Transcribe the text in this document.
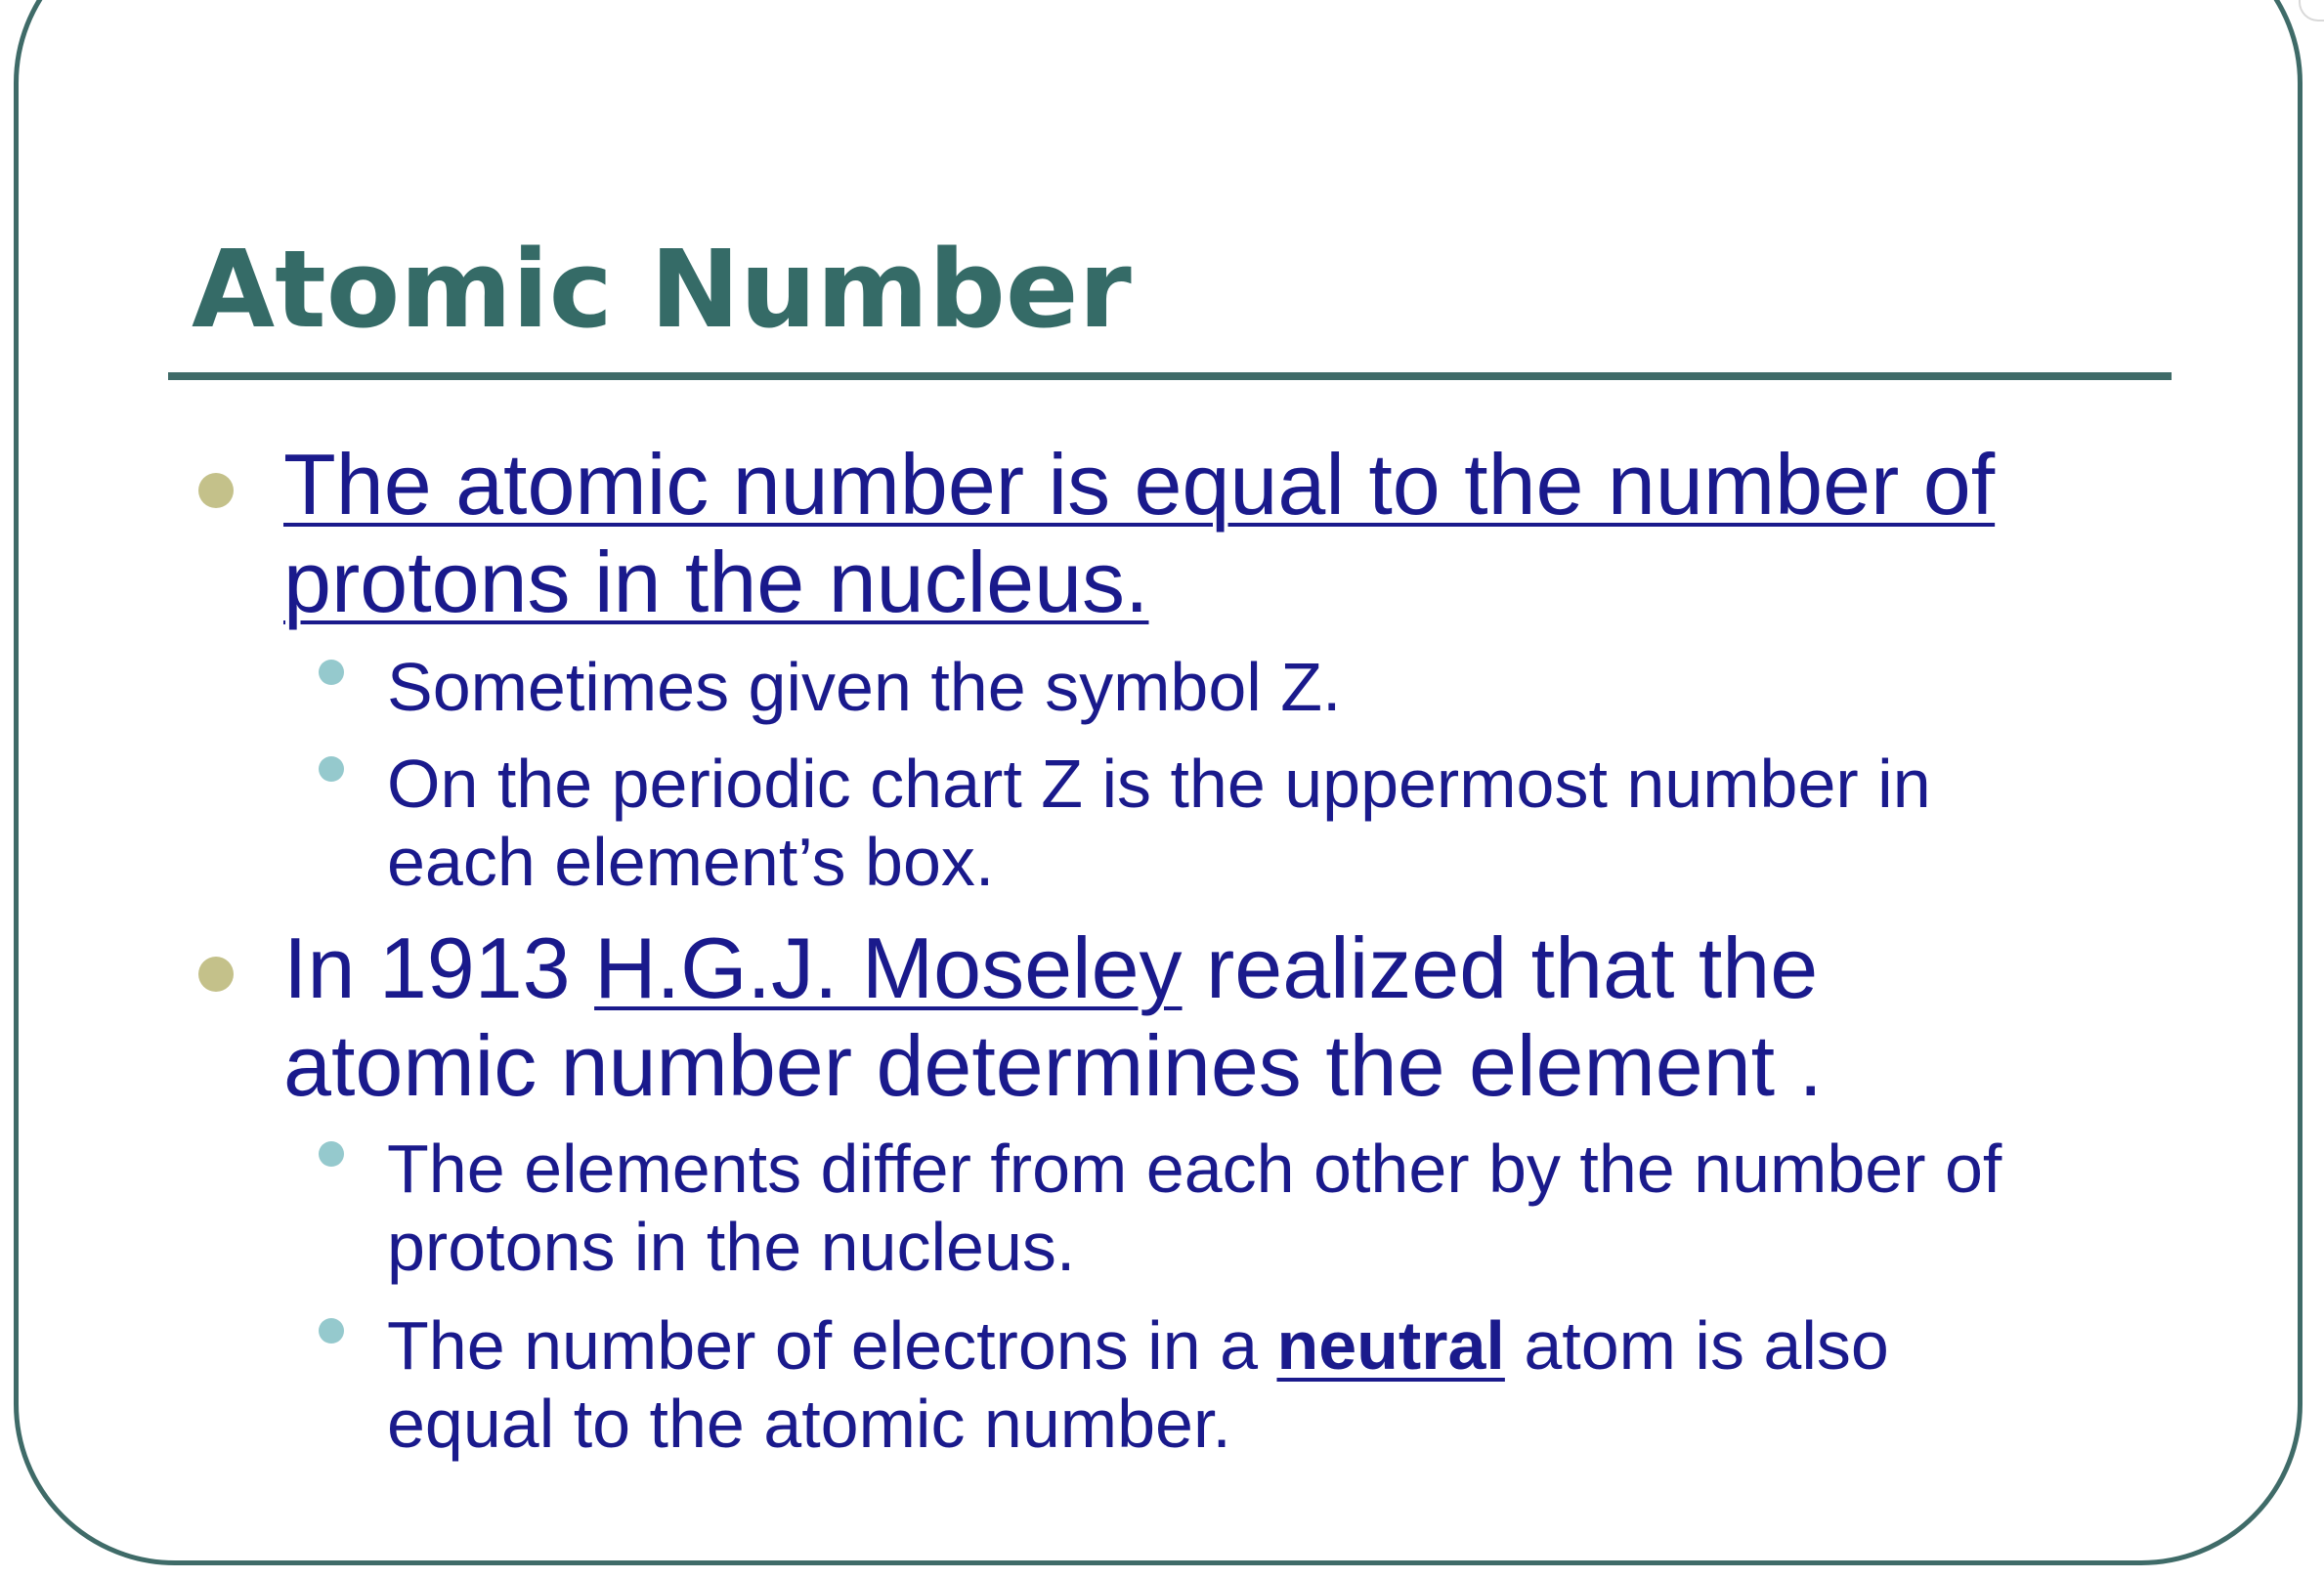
Atomic Number
The atomic number is equal to the number of
protons in the nucleus.
Sometimes given the symbol Z.
On the periodic chart Z is the uppermost number in
each element’s box.
In 1913 H.G.J. Moseley realized that the
atomic number determines the element .
The elements differ from each other by the number of
protons in the nucleus.
The number of electrons in a neutral atom is also
equal to the atomic number.
